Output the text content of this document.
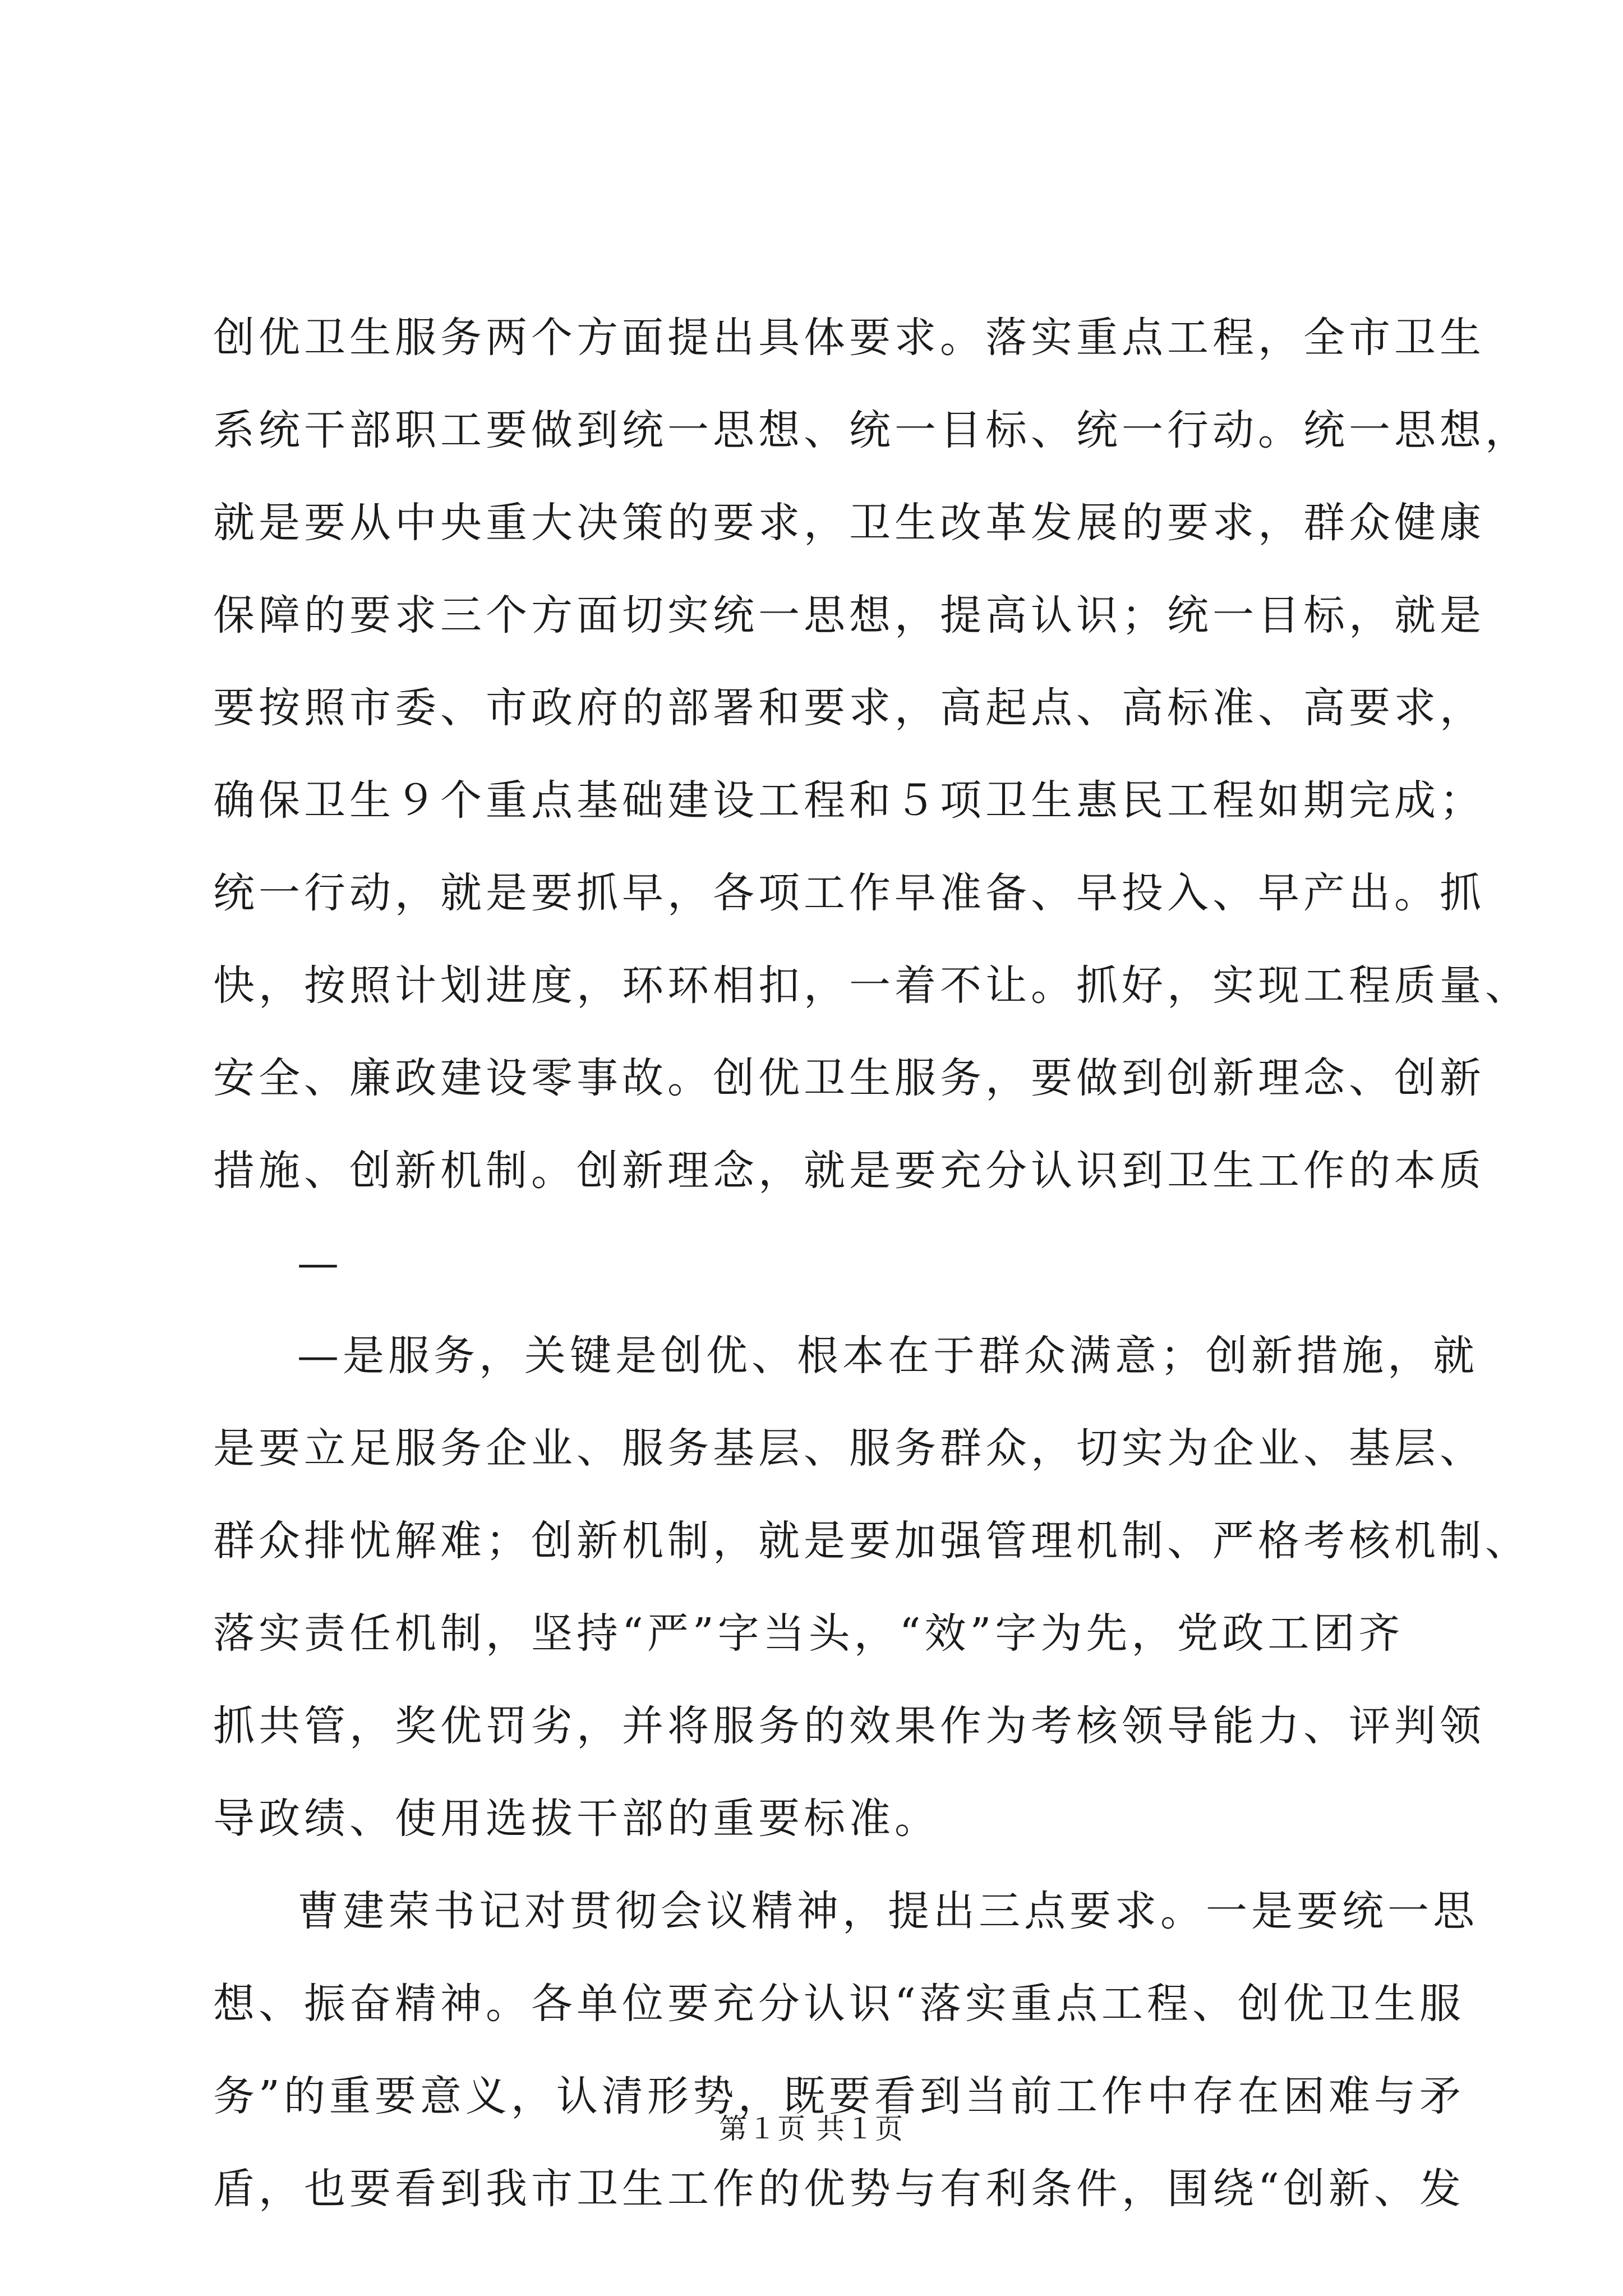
创优卫生服务两个方面提出具体要求。落实重点工程，全市卫生
系统干部职工要做到统一思想、统一目标、统一行动。统一思想，
就是要从中央重大决策的要求，卫生改革发展的要求，群众健康
保障的要求三个方面切实统一思想，提高认识；统一目标，就是
要按照市委、市政府的部署和要求，高起点、高标准、高要求，
确保卫生９个重点基础建设工程和５项卫生惠民工程如期完成；
统一行动，就是要抓早，各项工作早准备、早投入、早产出。抓
快，按照计划进度，环环相扣，一着不让。抓好，实现工程质量、
安全、廉政建设零事故。创优卫生服务，要做到创新理念、创新
措施、创新机制。创新理念，就是要充分认识到卫生工作的本质
—
—是服务，关键是创优、根本在于群众满意；创新措施，就
是要立足服务企业、服务基层、服务群众，切实为企业、基层、
群众排忧解难；创新机制，就是要加强管理机制、严格考核机制、
落实责任机制，坚持“严”字当头，“效”字为先，党政工团齐
抓共管，奖优罚劣，并将服务的效果作为考核领导能力、评判领
导政绩、使用选拔干部的重要标准。
曹建荣书记对贯彻会议精神，提出三点要求。一是要统一思
想、振奋精神。各单位要充分认识“落实重点工程、创优卫生服
务”的重要意义，认清形势，既要看到当前工作中存在困难与矛
盾，也要看到我市卫生工作的优势与有利条件，围绕“创新、发
第１页 共１页
